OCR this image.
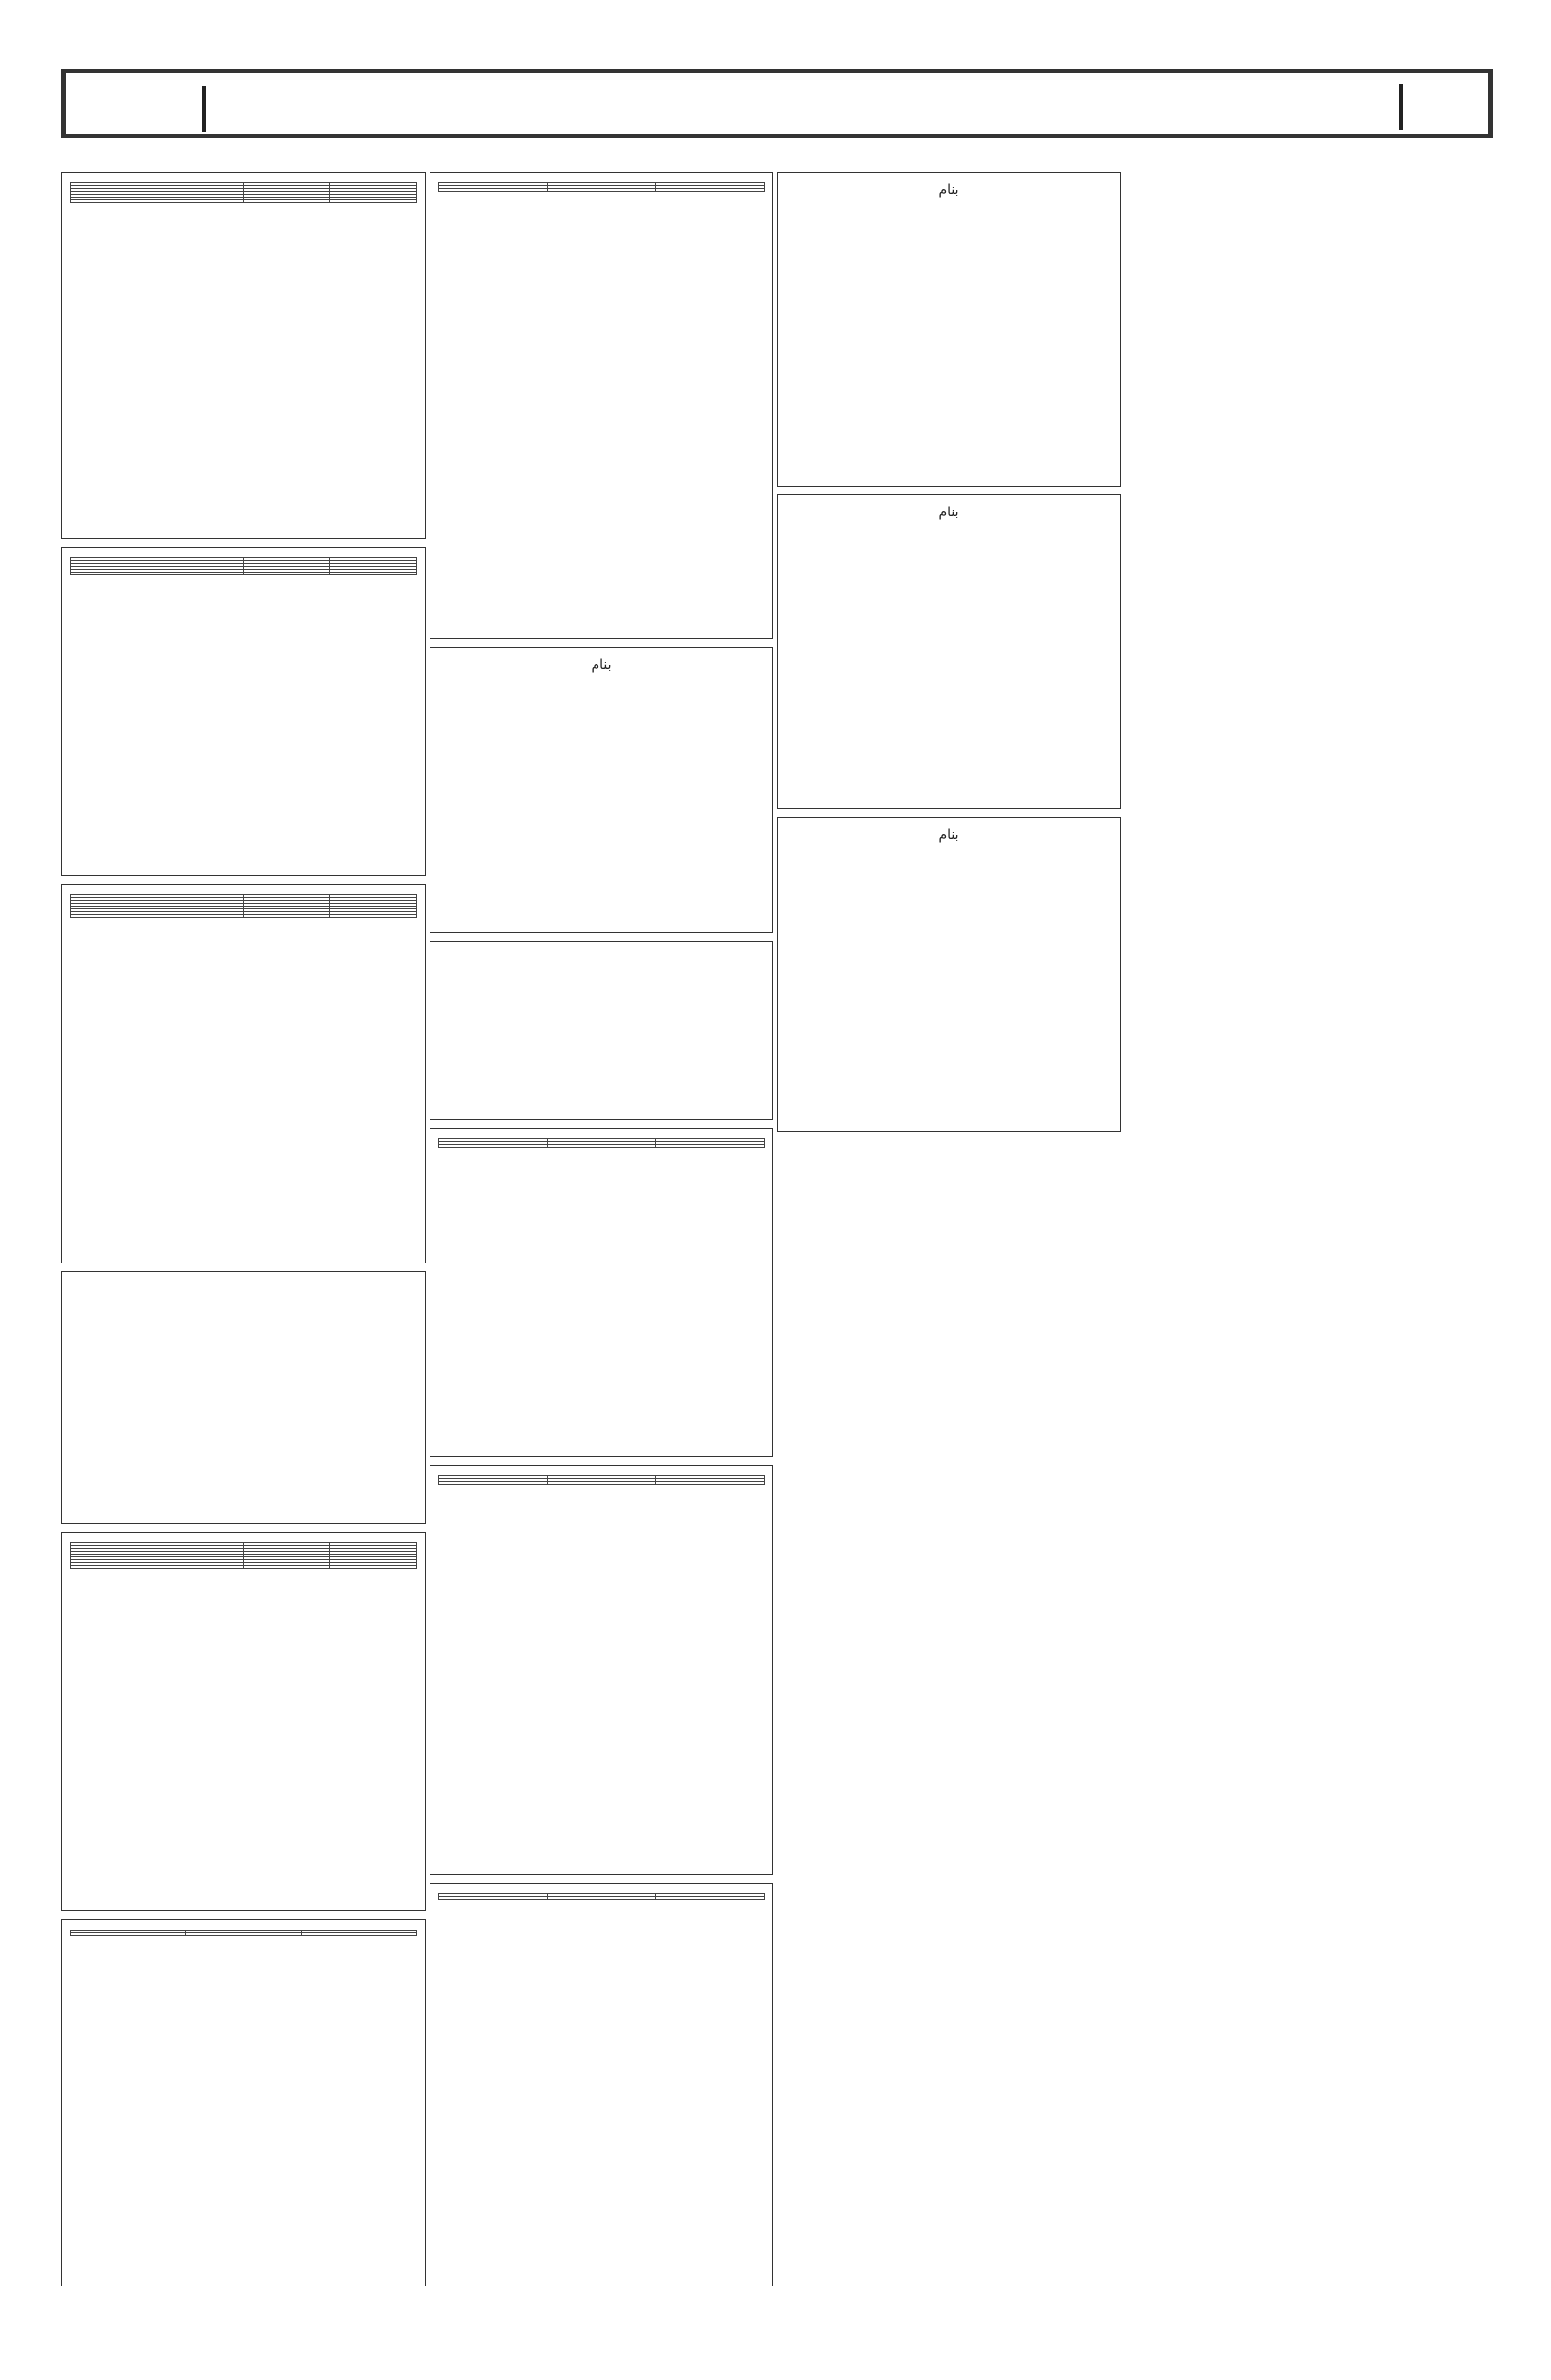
بنام

بنام
بنام
بنام
